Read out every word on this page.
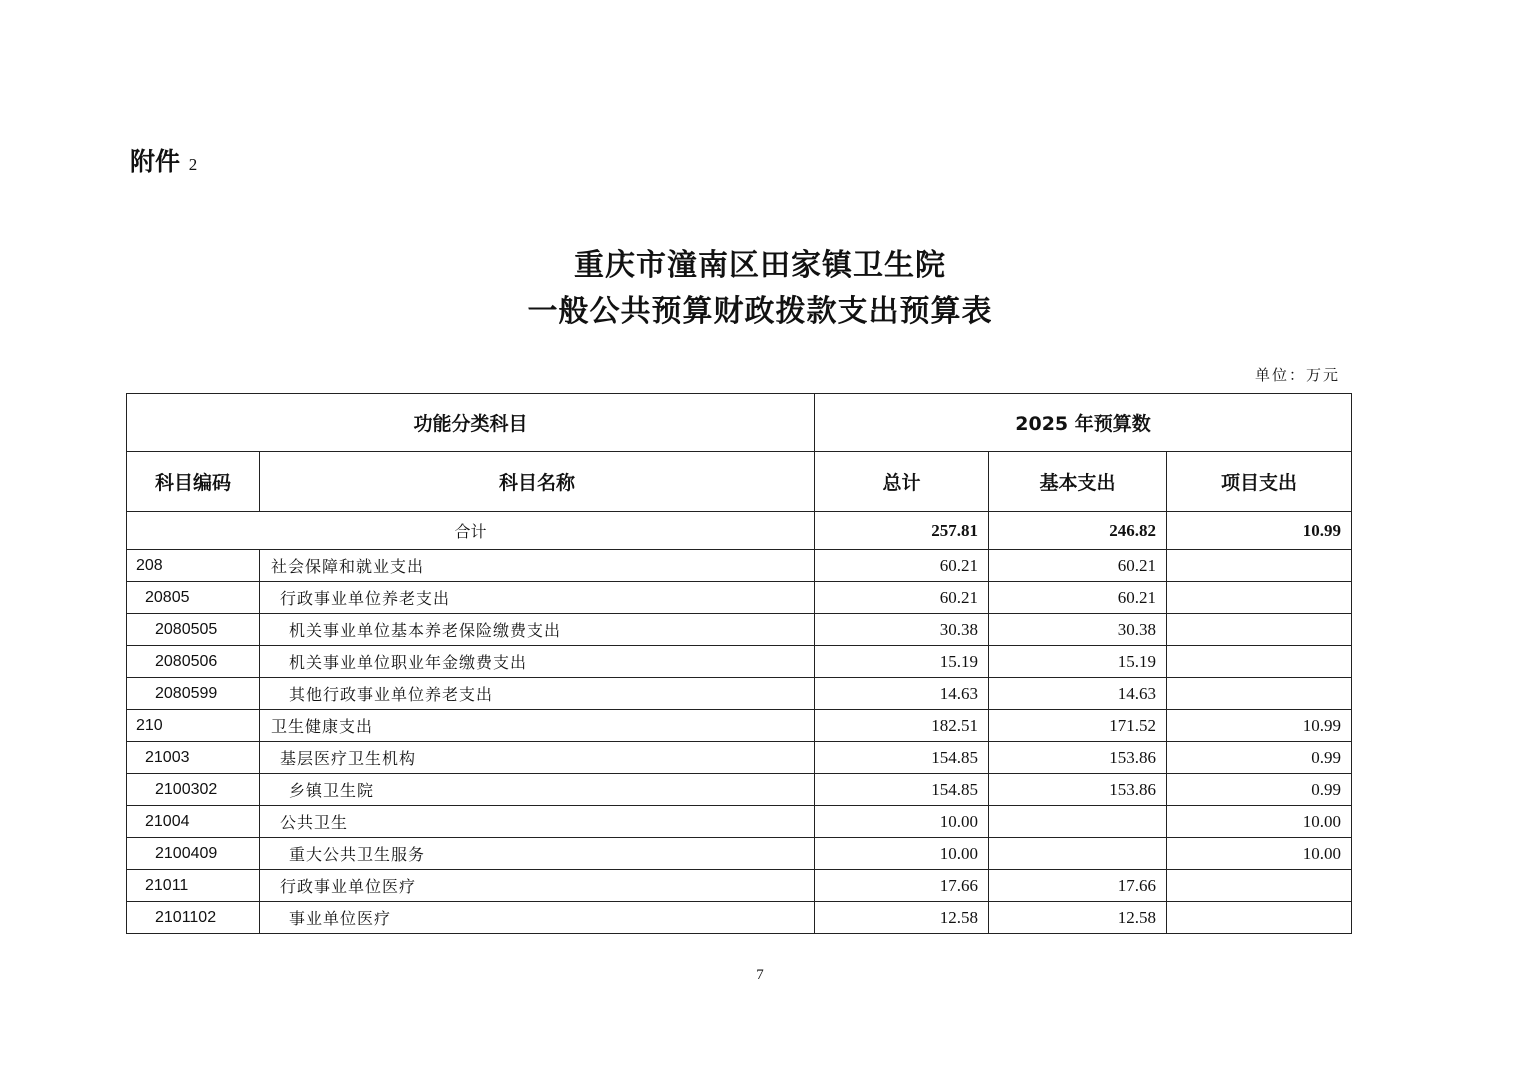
附件 2
重庆市潼南区田家镇卫生院
一般公共预算财政拨款支出预算表
单位：万元
功能分类科目		2025 年预算数		
科目编码	科目名称	总计	基本支出	项目支出
合计		257.81	246.82	10.99
208	社会保障和就业支出	60.21	60.21	
20805	行政事业单位养老支出	60.21	60.21	
2080505	机关事业单位基本养老保险缴费支出	30.38	30.38	
2080506	机关事业单位职业年金缴费支出	15.19	15.19	
2080599	其他行政事业单位养老支出	14.63	14.63	
210	卫生健康支出	182.51	171.52	10.99
21003	基层医疗卫生机构	154.85	153.86	0.99
2100302	乡镇卫生院	154.85	153.86	0.99
21004	公共卫生	10.00		10.00
2100409	重大公共卫生服务	10.00		10.00
21011	行政事业单位医疗	17.66	17.66	
2101102	事业单位医疗	12.58	12.58	
7
